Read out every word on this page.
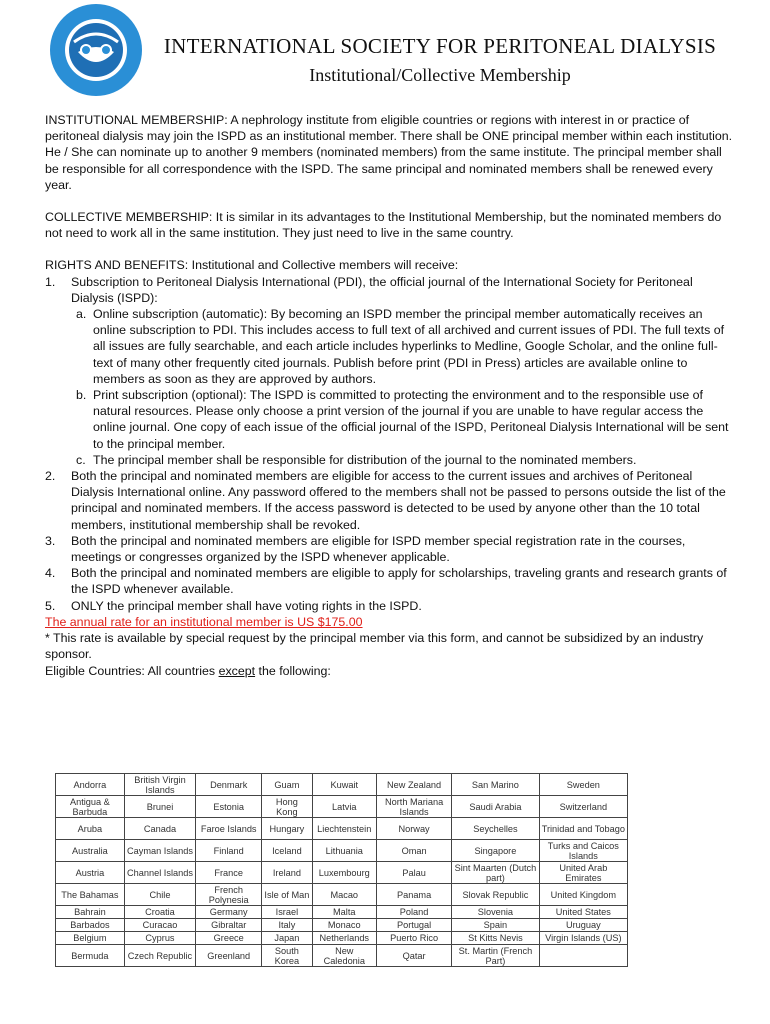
INTERNATIONAL SOCIETY FOR PERITONEAL DIALYSIS
Institutional/Collective Membership

INSTITUTIONAL MEMBERSHIP: A nephrology institute from eligible countries or regions with interest in or practice of peritoneal dialysis may join the ISPD as an institutional member. There shall be ONE principal member within each institution. He / She can nominate up to another 9 members (nominated members) from the same institute. The principal member shall be responsible for all correspondence with the ISPD. The same principal and nominated members shall be renewed every year.

COLLECTIVE MEMBERSHIP: It is similar in its advantages to the Institutional Membership, but the nominated members do not need to work all in the same institution. They just need to live in the same country.

RIGHTS AND BENEFITS: Institutional and Collective members will receive:

1.	Subscription to Peritoneal Dialysis International (PDI), the official journal of the International Society for Peritoneal Dialysis (ISPD):
a. Online subscription (automatic): By becoming an ISPD member the principal member automatically receives an online subscription to PDI. This includes access to full text of all archived and current issues of PDI. The full texts of all issues are fully searchable, and each article includes hyperlinks to Medline, Google Scholar, and the online full-text of many other frequently cited journals. Publish before print (PDI in Press) articles are available online to members as soon as they are approved by authors.
b. Print subscription (optional): The ISPD is committed to protecting the environment and to the responsible use of natural resources. Please only choose a print version of the journal if you are unable to have regular access the online journal. One copy of each issue of the official journal of the ISPD, Peritoneal Dialysis International will be sent to the principal member.
c. The principal member shall be responsible for distribution of the journal to the nominated members.
2.	Both the principal and nominated members are eligible for access to the current issues and archives of Peritoneal Dialysis International online. Any password offered to the members shall not be passed to persons outside the list of the principal and nominated members. If the access password is detected to be used by anyone other than the 10 total members, institutional membership shall be revoked.
3.	Both the principal and nominated members are eligible for ISPD member special registration rate in the courses, meetings or congresses organized by the ISPD whenever applicable.
4.	Both the principal and nominated members are eligible to apply for scholarships, traveling grants and research grants of the ISPD whenever available.
5.	ONLY the principal member shall have voting rights in the ISPD.

The annual rate for an institutional member is US $175.00

* This rate is available by special request by the principal member via this form, and cannot be subsidized by an industry sponsor.

Eligible Countries: All countries except the following:

Andorra	British Virgin Islands	Denmark	Guam	Kuwait	New Zealand	San Marino	Sweden
Antigua & Barbuda	Brunei	Estonia	Hong Kong	Latvia	North Mariana Islands	Saudi Arabia	Switzerland
Aruba	Canada	Faroe Islands	Hungary	Liechtenstein	Norway	Seychelles	Trinidad and Tobago
Australia	Cayman Islands	Finland	Iceland	Lithuania	Oman	Singapore	Turks and Caicos Islands
Austria	Channel Islands	France	Ireland	Luxembourg	Palau	Sint Maarten (Dutch part)	United Arab Emirates
The Bahamas	Chile	French Polynesia	Isle of Man	Macao	Panama	Slovak Republic	United Kingdom
Bahrain	Croatia	Germany	Israel	Malta	Poland	Slovenia	United States
Barbados	Curacao	Gibraltar	Italy	Monaco	Portugal	Spain	Uruguay
Belgium	Cyprus	Greece	Japan	Netherlands	Puerto Rico	St Kitts Nevis	Virgin Islands (US)
Bermuda	Czech Republic	Greenland	South Korea	New Caledonia	Qatar	St. Martin (French Part)	
